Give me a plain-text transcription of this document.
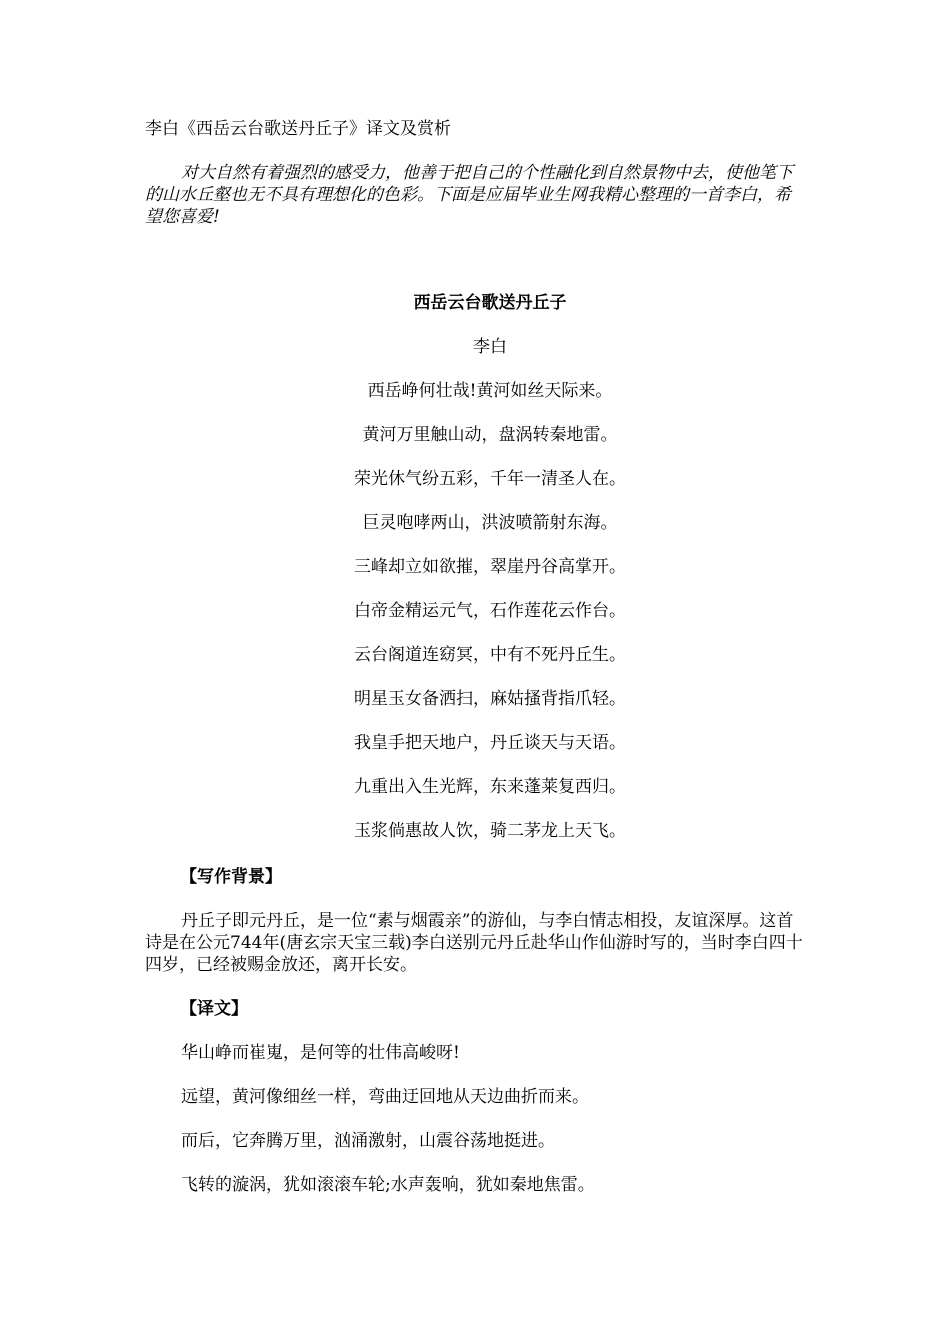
李白《西岳云台歌送丹丘子》译文及赏析

对大自然有着强烈的感受力，他善于把自己的个性融化到自然景物中去，使他笔下的山水丘壑也无不具有理想化的色彩。下面是应届毕业生网我精心整理的一首李白，希望您喜爱!

西岳云台歌送丹丘子
李白
西岳峥何壮哉!黄河如丝天际来。
黄河万里触山动，盘涡转秦地雷。
荣光休气纷五彩，千年一清圣人在。
巨灵咆哮两山，洪波喷箭射东海。
三峰却立如欲摧，翠崖丹谷高掌开。
白帝金精运元气，石作莲花云作台。
云台阁道连窈冥，中有不死丹丘生。
明星玉女备洒扫，麻姑搔背指爪轻。
我皇手把天地户，丹丘谈天与天语。
九重出入生光辉，东来蓬莱复西归。
玉浆倘惠故人饮，骑二茅龙上天飞。
【写作背景】

丹丘子即元丹丘，是一位“素与烟霞亲”的游仙，与李白情志相投，友谊深厚。这首诗是在公元744年(唐玄宗天宝三载)李白送别元丹丘赴华山作仙游时写的，当时李白四十四岁，已经被赐金放还，离开长安。

【译文】
华山峥而崔嵬，是何等的壮伟高峻呀!
远望，黄河像细丝一样，弯曲迂回地从天边曲折而来。
而后，它奔腾万里，汹涌激射，山震谷荡地挺进。
飞转的漩涡，犹如滚滚车轮;水声轰响，犹如秦地焦雷。
